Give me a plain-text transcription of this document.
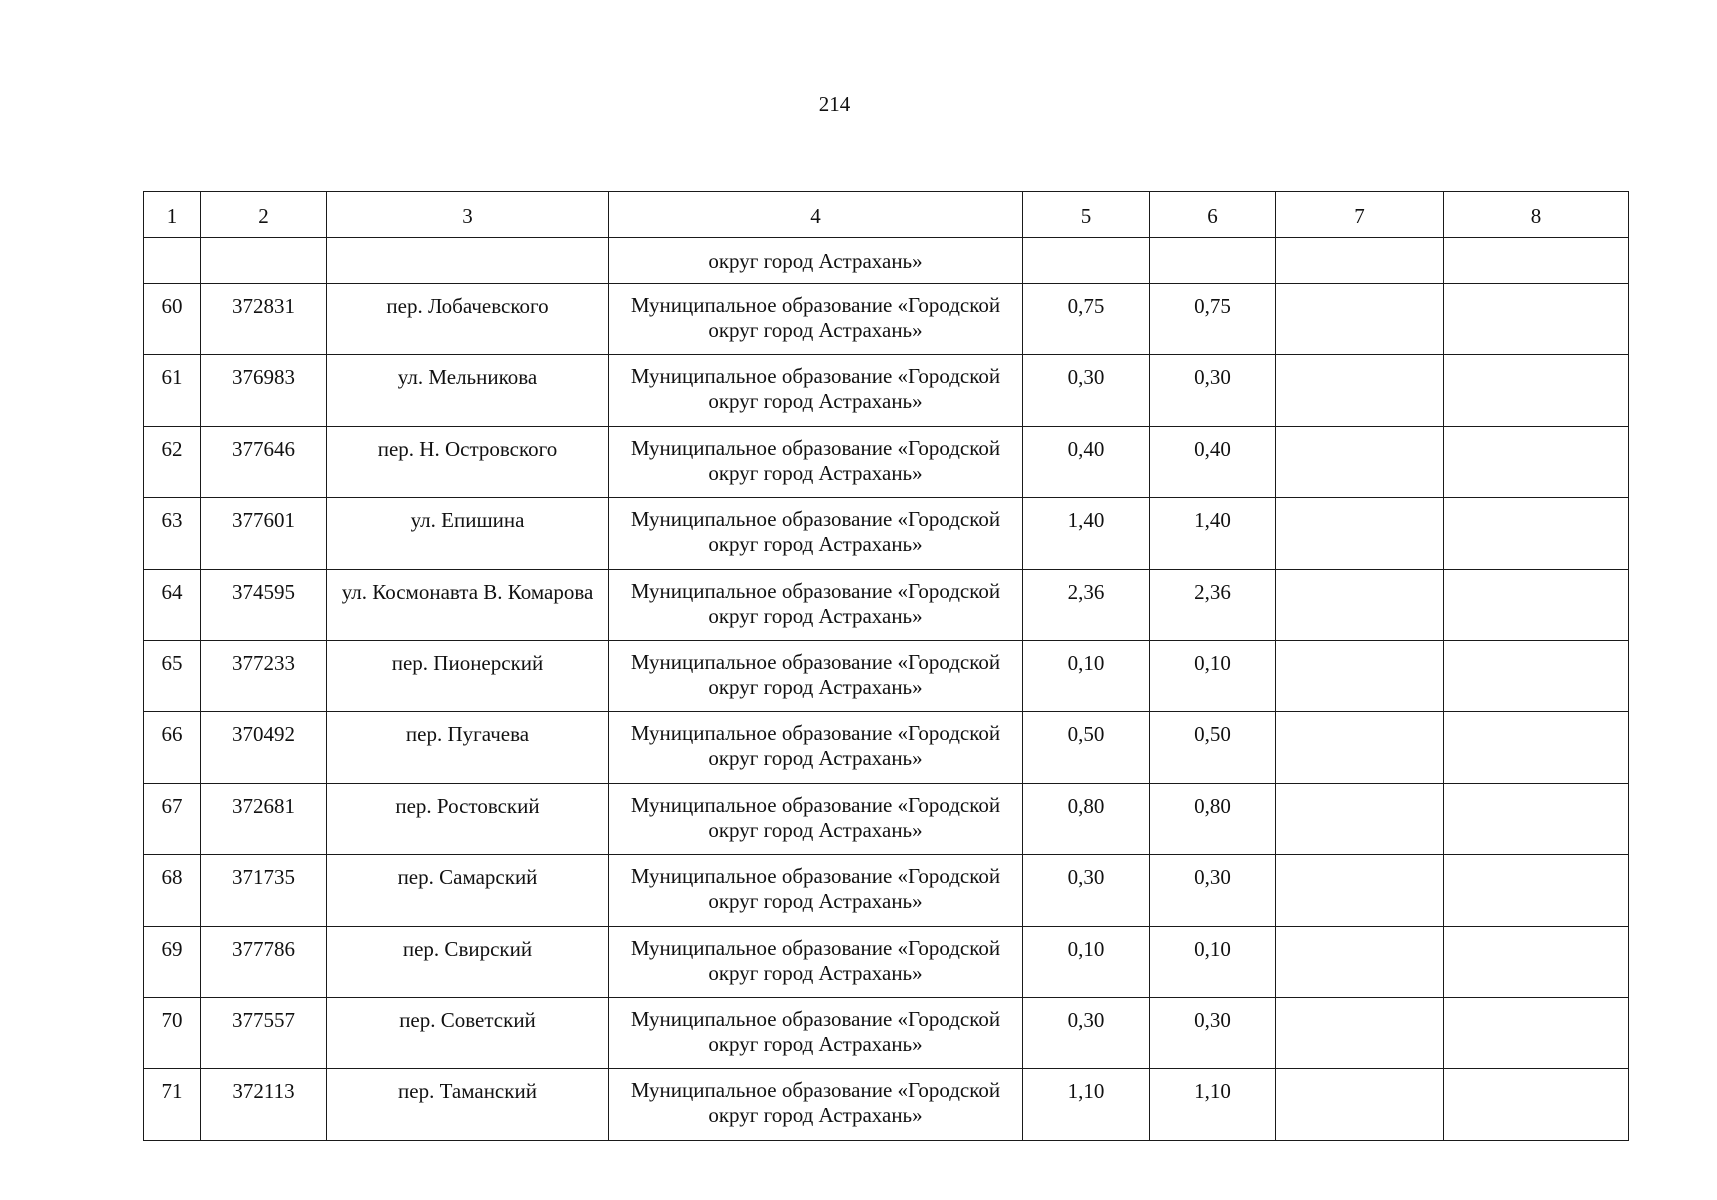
214
1	2	3	4	5	6	7	8
			округ город Астрахань»				
60	372831	пер. Лобачевского	Муниципальное образование «Городской округ город Астрахань»	0,75	0,75		
61	376983	ул. Мельникова	Муниципальное образование «Городской округ город Астрахань»	0,30	0,30		
62	377646	пер. Н. Островского	Муниципальное образование «Городской округ город Астрахань»	0,40	0,40		
63	377601	ул. Епишина	Муниципальное образование «Городской округ город Астрахань»	1,40	1,40		
64	374595	ул. Космонавта В. Комарова	Муниципальное образование «Городской округ город Астрахань»	2,36	2,36		
65	377233	пер. Пионерский	Муниципальное образование «Городской округ город Астрахань»	0,10	0,10		
66	370492	пер. Пугачева	Муниципальное образование «Городской округ город Астрахань»	0,50	0,50		
67	372681	пер. Ростовский	Муниципальное образование «Городской округ город Астрахань»	0,80	0,80		
68	371735	пер. Самарский	Муниципальное образование «Городской округ город Астрахань»	0,30	0,30		
69	377786	пер. Свирский	Муниципальное образование «Городской округ город Астрахань»	0,10	0,10		
70	377557	пер. Советский	Муниципальное образование «Городской округ город Астрахань»	0,30	0,30		
71	372113	пер. Таманский	Муниципальное образование «Городской округ город Астрахань»	1,10	1,10		
